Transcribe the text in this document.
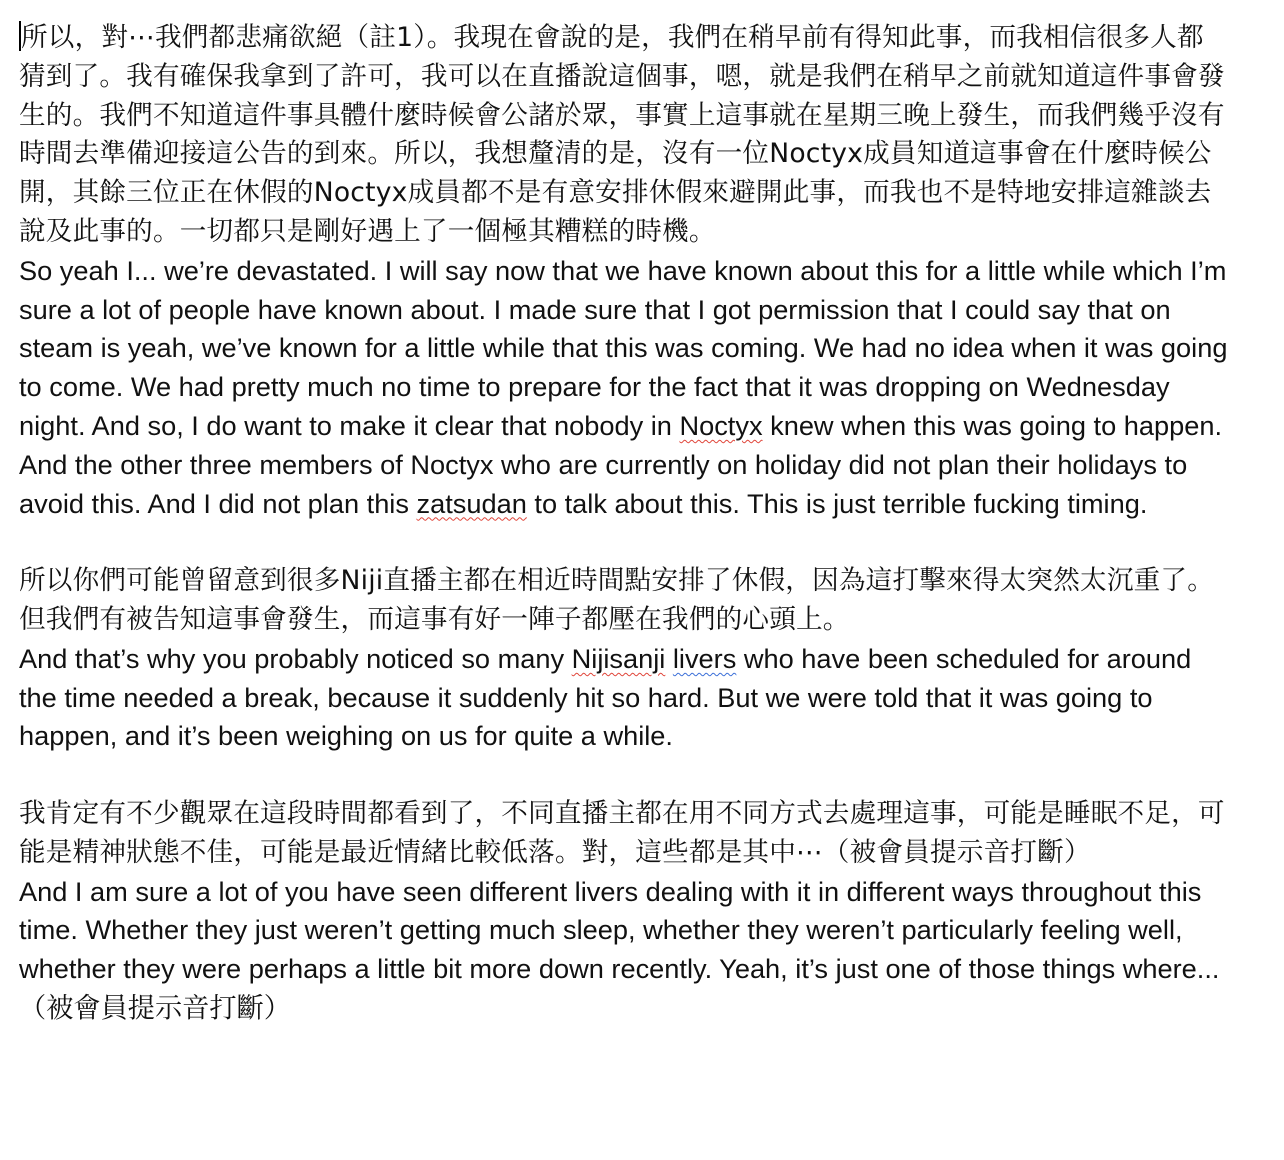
所以，對⋯我們都悲痛欲絕（註1）。我現在會說的是，我們在稍早前有得知此事，而我相信很多人都猜到了。我有確保我拿到了許可，我可以在直播說這個事，嗯，就是我們在稍早之前就知道這件事會發生的。我們不知道這件事具體什麼時候會公諸於眾，事實上這事就在星期三晚上發生，而我們幾乎沒有時間去準備迎接這公告的到來。所以，我想釐清的是，沒有一位Noctyx成員知道這事會在什麼時候公開，其餘三位正在休假的Noctyx成員都不是有意安排休假來避開此事，而我也不是特地安排這雜談去說及此事的。一切都只是剛好遇上了一個極其糟糕的時機。

So yeah I... we’re devastated. I will say now that we have known about this for a little while which I’m sure a lot of people have known about. I made sure that I got permission that I could say that on steam is yeah, we’ve known for a little while that this was coming. We had no idea when it was going to come. We had pretty much no time to prepare for the fact that it was dropping on Wednesday night. And so, I do want to make it clear that nobody in Noctyx knew when this was going to happen. And the other three members of Noctyx who are currently on holiday did not plan their holidays to avoid this. And I did not plan this zatsudan to talk about this. This is just terrible fucking timing.

所以你們可能曾留意到很多Niji直播主都在相近時間點安排了休假，因為這打擊來得太突然太沉重了。但我們有被告知這事會發生，而這事有好一陣子都壓在我們的心頭上。

And that’s why you probably noticed so many Nijisanji livers who have been scheduled for around the time needed a break, because it suddenly hit so hard. But we were told that it was going to happen, and it’s been weighing on us for quite a while.

我肯定有不少觀眾在這段時間都看到了，不同直播主都在用不同方式去處理這事，可能是睡眠不足，可能是精神狀態不佳，可能是最近情緒比較低落。對，這些都是其中⋯（被會員提示音打斷）

And I am sure a lot of you have seen different livers dealing with it in different ways throughout this time. Whether they just weren’t getting much sleep, whether they weren’t particularly feeling well, whether they were perhaps a little bit more down recently. Yeah, it’s just one of those things where...（被會員提示音打斷）
